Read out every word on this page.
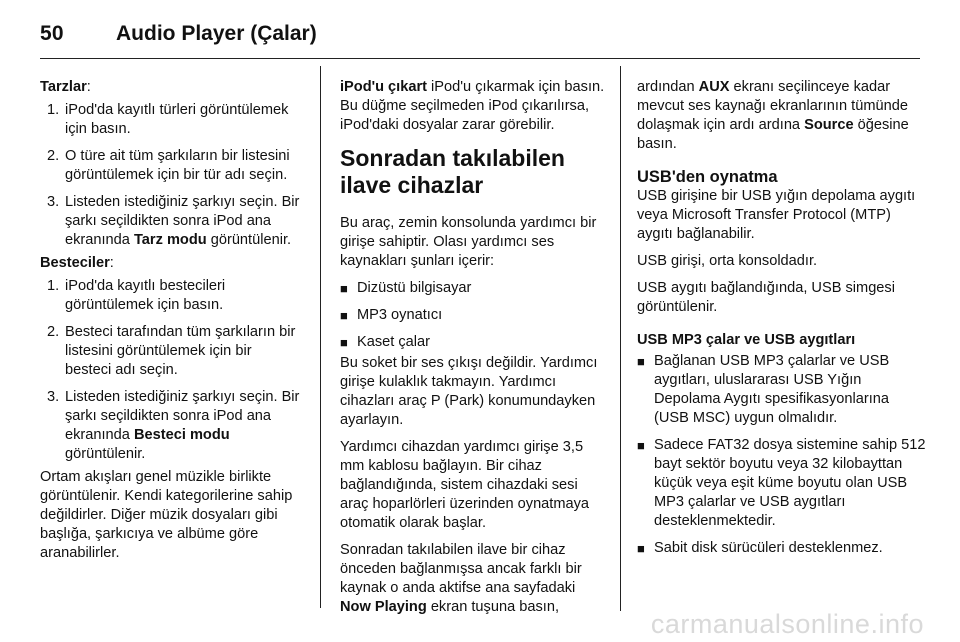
50 Audio Player (Çalar)

Tarzlar:

1. iPod'da kayıtlı türleri görüntülemek için basın.
2. O türe ait tüm şarkıların bir listesini görüntülemek için bir tür adı seçin.
3. Listeden istediğiniz şarkıyı seçin. Bir şarkı seçildikten sonra iPod ana ekranında Tarz modu görüntülenir.

Besteciler:

1. iPod'da kayıtlı bestecileri görüntülemek için basın.
2. Besteci tarafından tüm şarkıların bir listesini görüntülemek için bir besteci adı seçin.
3. Listeden istediğiniz şarkıyı seçin. Bir şarkı seçildikten sonra iPod ana ekranında Besteci modu görüntülenir.

Ortam akışları genel müzikle birlikte görüntülenir. Kendi kategorilerine sahip değildirler. Diğer müzik dosyaları gibi başlığa, şarkıcıya ve albüme göre aranabilirler.

iPod'u çıkart iPod'u çıkarmak için basın. Bu düğme seçilmeden iPod çıkarılırsa, iPod'daki dosyalar zarar görebilir.

Sonradan takılabilen ilave cihazlar

Bu araç, zemin konsolunda yardımcı bir girişe sahiptir. Olası yardımcı ses kaynakları şunları içerir:

■ Dizüstü bilgisayar
■ MP3 oynatıcı
■ Kaset çalar

Bu soket bir ses çıkışı değildir. Yardımcı girişe kulaklık takmayın. Yardımcı cihazları araç P (Park) konumundayken ayarlayın.

Yardımcı cihazdan yardımcı girişe 3,5 mm kablosu bağlayın. Bir cihaz bağlandığında, sistem cihazdaki sesi araç hoparlörleri üzerinden oynatmaya otomatik olarak başlar.

Sonradan takılabilen ilave bir cihaz önceden bağlanmışsa ancak farklı bir kaynak o anda aktifse ana sayfadaki Now Playing ekran tuşuna basın,

ardından AUX ekranı seçilinceye kadar mevcut ses kaynağı ekranlarının tümünde dolaşmak için ardı ardına Source öğesine basın.

USB'den oynatma

USB girişine bir USB yığın depolama aygıtı veya Microsoft Transfer Protocol (MTP) aygıtı bağlanabilir.

USB girişi, orta konsoldadır.

USB aygıtı bağlandığında, USB simgesi görüntülenir.

USB MP3 çalar ve USB aygıtları
■ Bağlanan USB MP3 çalarlar ve USB aygıtları, uluslararası USB Yığın Depolama Aygıtı spesifikasyonlarına (USB MSC) uygun olmalıdır.
■ Sadece FAT32 dosya sistemine sahip 512 bayt sektör boyutu veya 32 kilobayttan küçük veya eşit küme boyutu olan USB MP3 çalarlar ve USB aygıtları desteklenmektedir.
■ Sabit disk sürücüleri desteklenmez.
carmanualsonline.info
